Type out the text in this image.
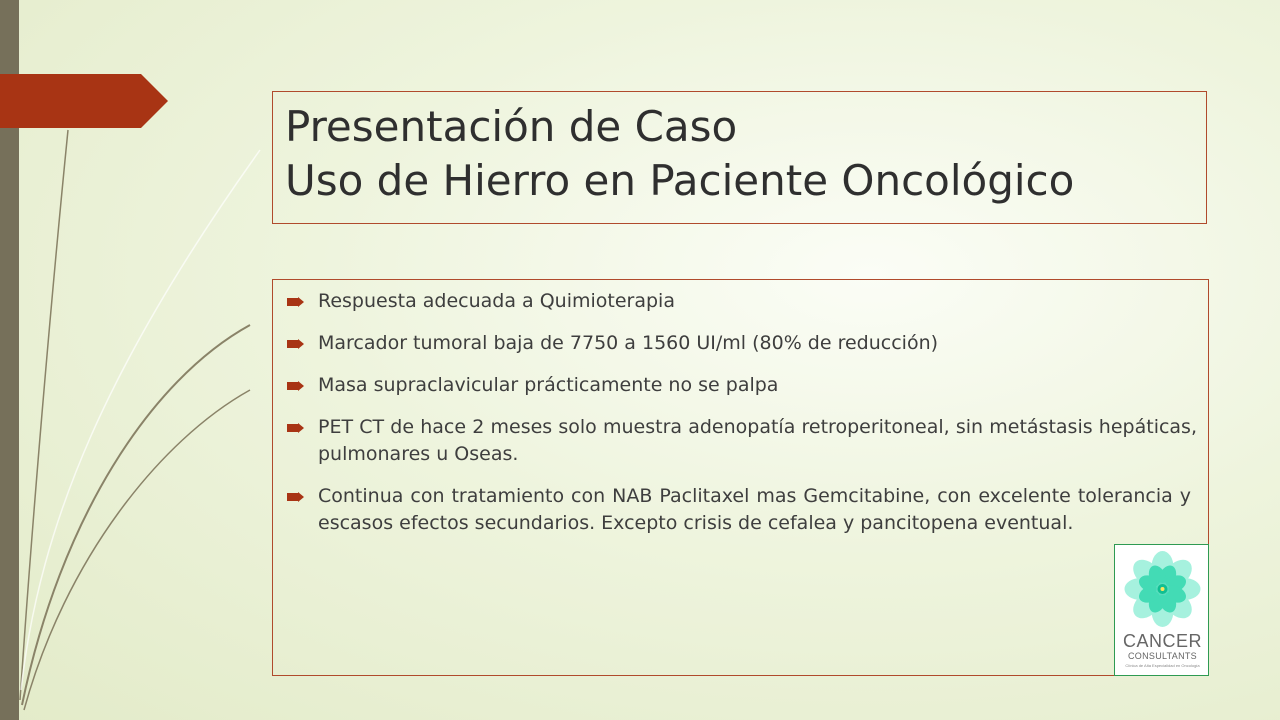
Presentación de Caso
Uso de Hierro en Paciente Oncológico
Respuesta adecuada a Quimioterapia
Marcador tumoral baja de 7750 a 1560 UI/ml (80% de reducción)
Masa supraclavicular prácticamente no se palpa
PET CT de hace 2 meses solo muestra adenopatía retroperitoneal, sin metástasis hepáticas, pulmonares u Oseas.
Continua con tratamiento con NAB Paclitaxel mas Gemcitabine, con excelente tolerancia y escasos efectos secundarios. Excepto crisis de cefalea y pancitopena eventual.
CANCER
CONSULTANTS
Clínica de Alta Especialidad en Oncología
